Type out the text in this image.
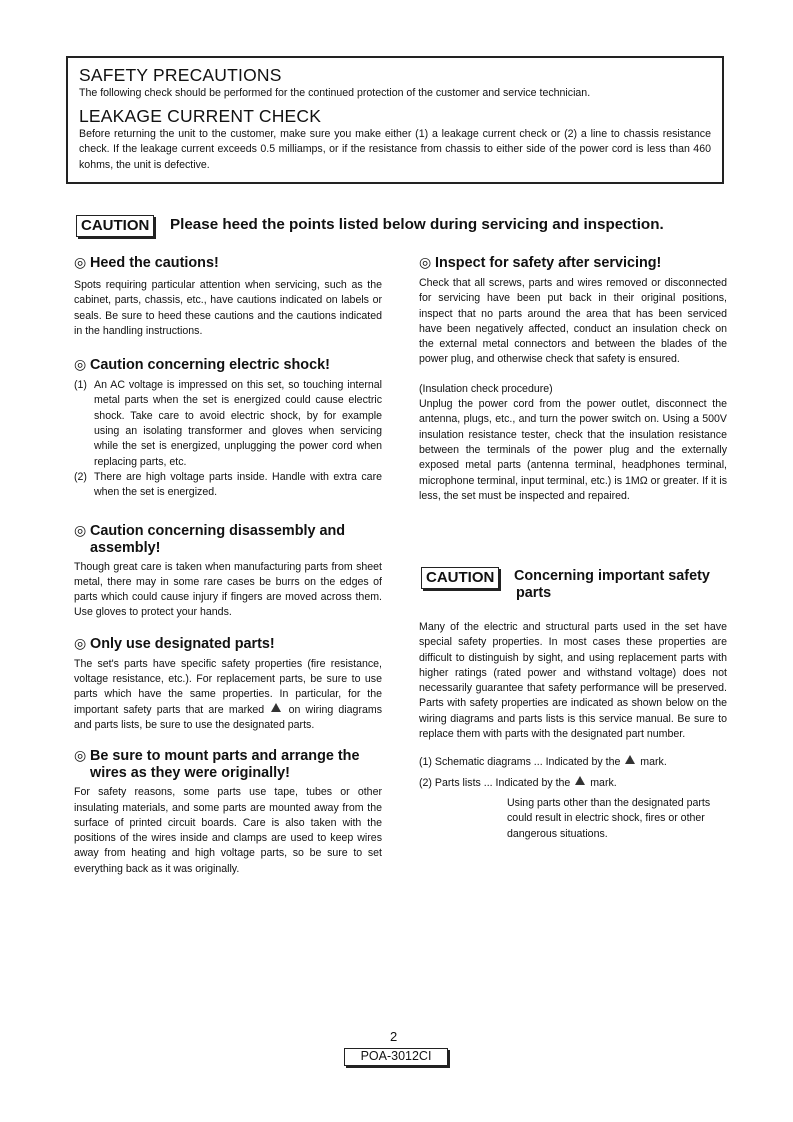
SAFETY PRECAUTIONS

The following check should be performed for the continued protection of the customer and service technician.

LEAKAGE CURRENT CHECK

Before returning the unit to the customer, make sure you make either (1) a leakage current check or (2) a line to chassis resistance check. If the leakage current exceeds 0.5 milliamps, or if the resistance from chassis to either side of the power cord is less than 460 kohms, the unit is defective.

CAUTION	Please heed the points listed below during servicing and inspection.
◎ Heed the cautions!

Spots requiring particular attention when servicing, such as the cabinet, parts, chassis, etc., have cautions indicated on labels or seals. Be sure to heed these cautions and the cautions indicated in the handling instructions.

◎ Caution concerning electric shock!
(1) An AC voltage is impressed on this set, so touching internal metal parts when the set is energized could cause electric shock. Take care to avoid electric shock, by for example using an isolating transformer and gloves when servicing while the set is energized, unplugging the power cord when replacing parts, etc.
(2) There are high voltage parts inside. Handle with extra care when the set is energized.
◎ Caution concerning disassembly and assembly!

Though great care is taken when manufacturing parts from sheet metal, there may in some rare cases be burrs on the edges of parts which could cause injury if fingers are moved across them. Use gloves to protect your hands.

◎ Only use designated parts!

The set's parts have specific safety properties (fire resistance, voltage resistance, etc.). For replacement parts, be sure to use parts which have the same properties. In particular, for the important safety parts that are marked on wiring diagrams and parts lists, be sure to use the designated parts.

◎ Be sure to mount parts and arrange the wires as they were originally!

For safety reasons, some parts use tape, tubes or other insulating materials, and some parts are mounted away from the surface of printed circuit boards. Care is also taken with the positions of the wires inside and clamps are used to keep wires away from heating and high voltage parts, so be sure to set everything back as it was originally.

◎ Inspect for safety after servicing!

Check that all screws, parts and wires removed or disconnected for servicing have been put back in their original positions, inspect that no parts around the area that has been serviced have been negatively affected, conduct an insulation check on the external metal connectors and between the blades of the power plug, and otherwise check that safety is ensured.

(Insulation check procedure)

Unplug the power cord from the power outlet, disconnect the antenna, plugs, etc., and turn the power switch on. Using a 500V insulation resistance tester, check that the insulation resistance between the terminals of the power plug and the externally exposed metal parts (antenna terminal, headphones terminal, microphone terminal, input terminal, etc.) is 1MΩ or greater. If it is less, the set must be inspected and repaired.

CAUTION	Concerning important safety parts

Many of the electric and structural parts used in the set have special safety properties. In most cases these properties are difficult to distinguish by sight, and using replacement parts with higher ratings (rated power and withstand voltage) does not necessarily guarantee that safety performance will be preserved. Parts with safety properties are indicated as shown below on the wiring diagrams and parts lists is this service manual. Be sure to replace them with parts with the designated part number.

(1) Schematic diagrams ... Indicated by the mark.

(2) Parts lists ... Indicated by the mark.

Using parts other than the designated parts could result in electric shock, fires or other dangerous situations.

2
POA-3012CI
